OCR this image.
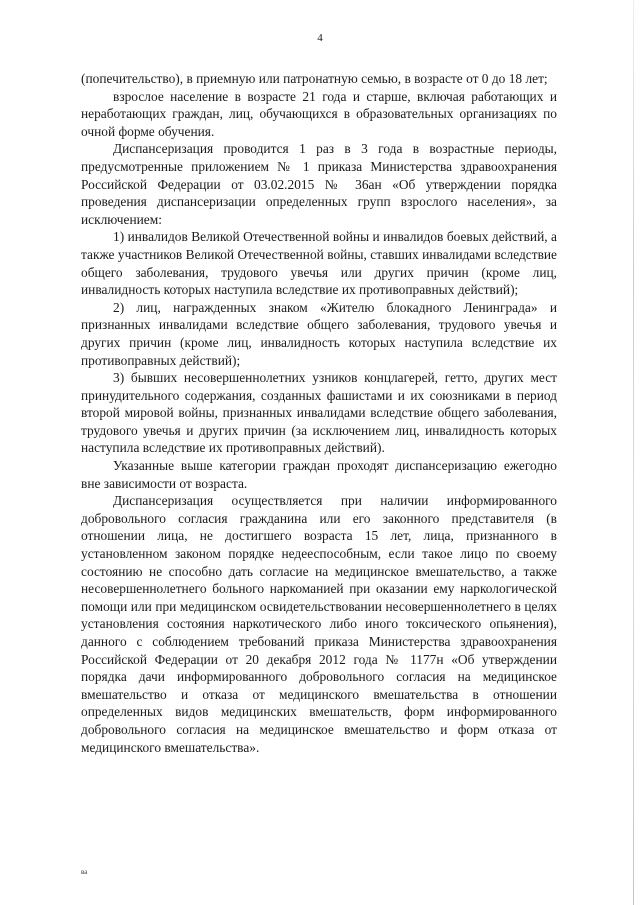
4

(попечительство), в приемную или патронатную семью, в возрасте от 0 до 18 лет;

взрослое население в возрасте 21 года и старше, включая работающих и неработающих граждан, лиц, обучающихся в образовательных организациях по очной форме обучения.

Диспансеризация проводится 1 раз в 3 года в возрастные периоды, предусмотренные приложением № 1 приказа Министерства здравоохранения Российской Федерации от 03.02.2015 № 36ан «Об утверждении порядка проведения диспансеризации определенных групп взрослого населения», за исключением:

1) инвалидов Великой Отечественной войны и инвалидов боевых действий, а также участников Великой Отечественной войны, ставших инвалидами вследствие общего заболевания, трудового увечья или других причин (кроме лиц, инвалидность которых наступила вследствие их противоправных действий);

2) лиц, награжденных знаком «Жителю блокадного Ленинграда» и признанных инвалидами вследствие общего заболевания, трудового увечья и других причин (кроме лиц, инвалидность которых наступила вследствие их противоправных действий);

3) бывших несовершеннолетних узников концлагерей, гетто, других мест принудительного содержания, созданных фашистами и их союзниками в период второй мировой войны, признанных инвалидами вследствие общего заболевания, трудового увечья и других причин (за исключением лиц, инвалидность которых наступила вследствие их противоправных действий).

Указанные выше категории граждан проходят диспансеризацию ежегодно вне зависимости от возраста.

Диспансеризация осуществляется при наличии информированного добровольного согласия гражданина или его законного представителя (в отношении лица, не достигшего возраста 15 лет, лица, признанного в установленном законом порядке недееспособным, если такое лицо по своему состоянию не способно дать согласие на медицинское вмешательство, а также несовершеннолетнего больного наркоманией при оказании ему наркологической помощи или при медицинском освидетельствовании несовершеннолетнего в целях установления состояния наркотического либо иного токсического опьянения), данного с соблюдением требований приказа Министерства здравоохранения Российской Федерации от 20 декабря 2012 года № 1177н «Об утверждении порядка дачи информированного добровольного согласия на медицинское вмешательство и отказа от медицинского вмешательства в отношении определенных видов медицинских вмешательств, форм информированного добровольного согласия на медицинское вмешательство и форм отказа от медицинского вмешательства».

ва
